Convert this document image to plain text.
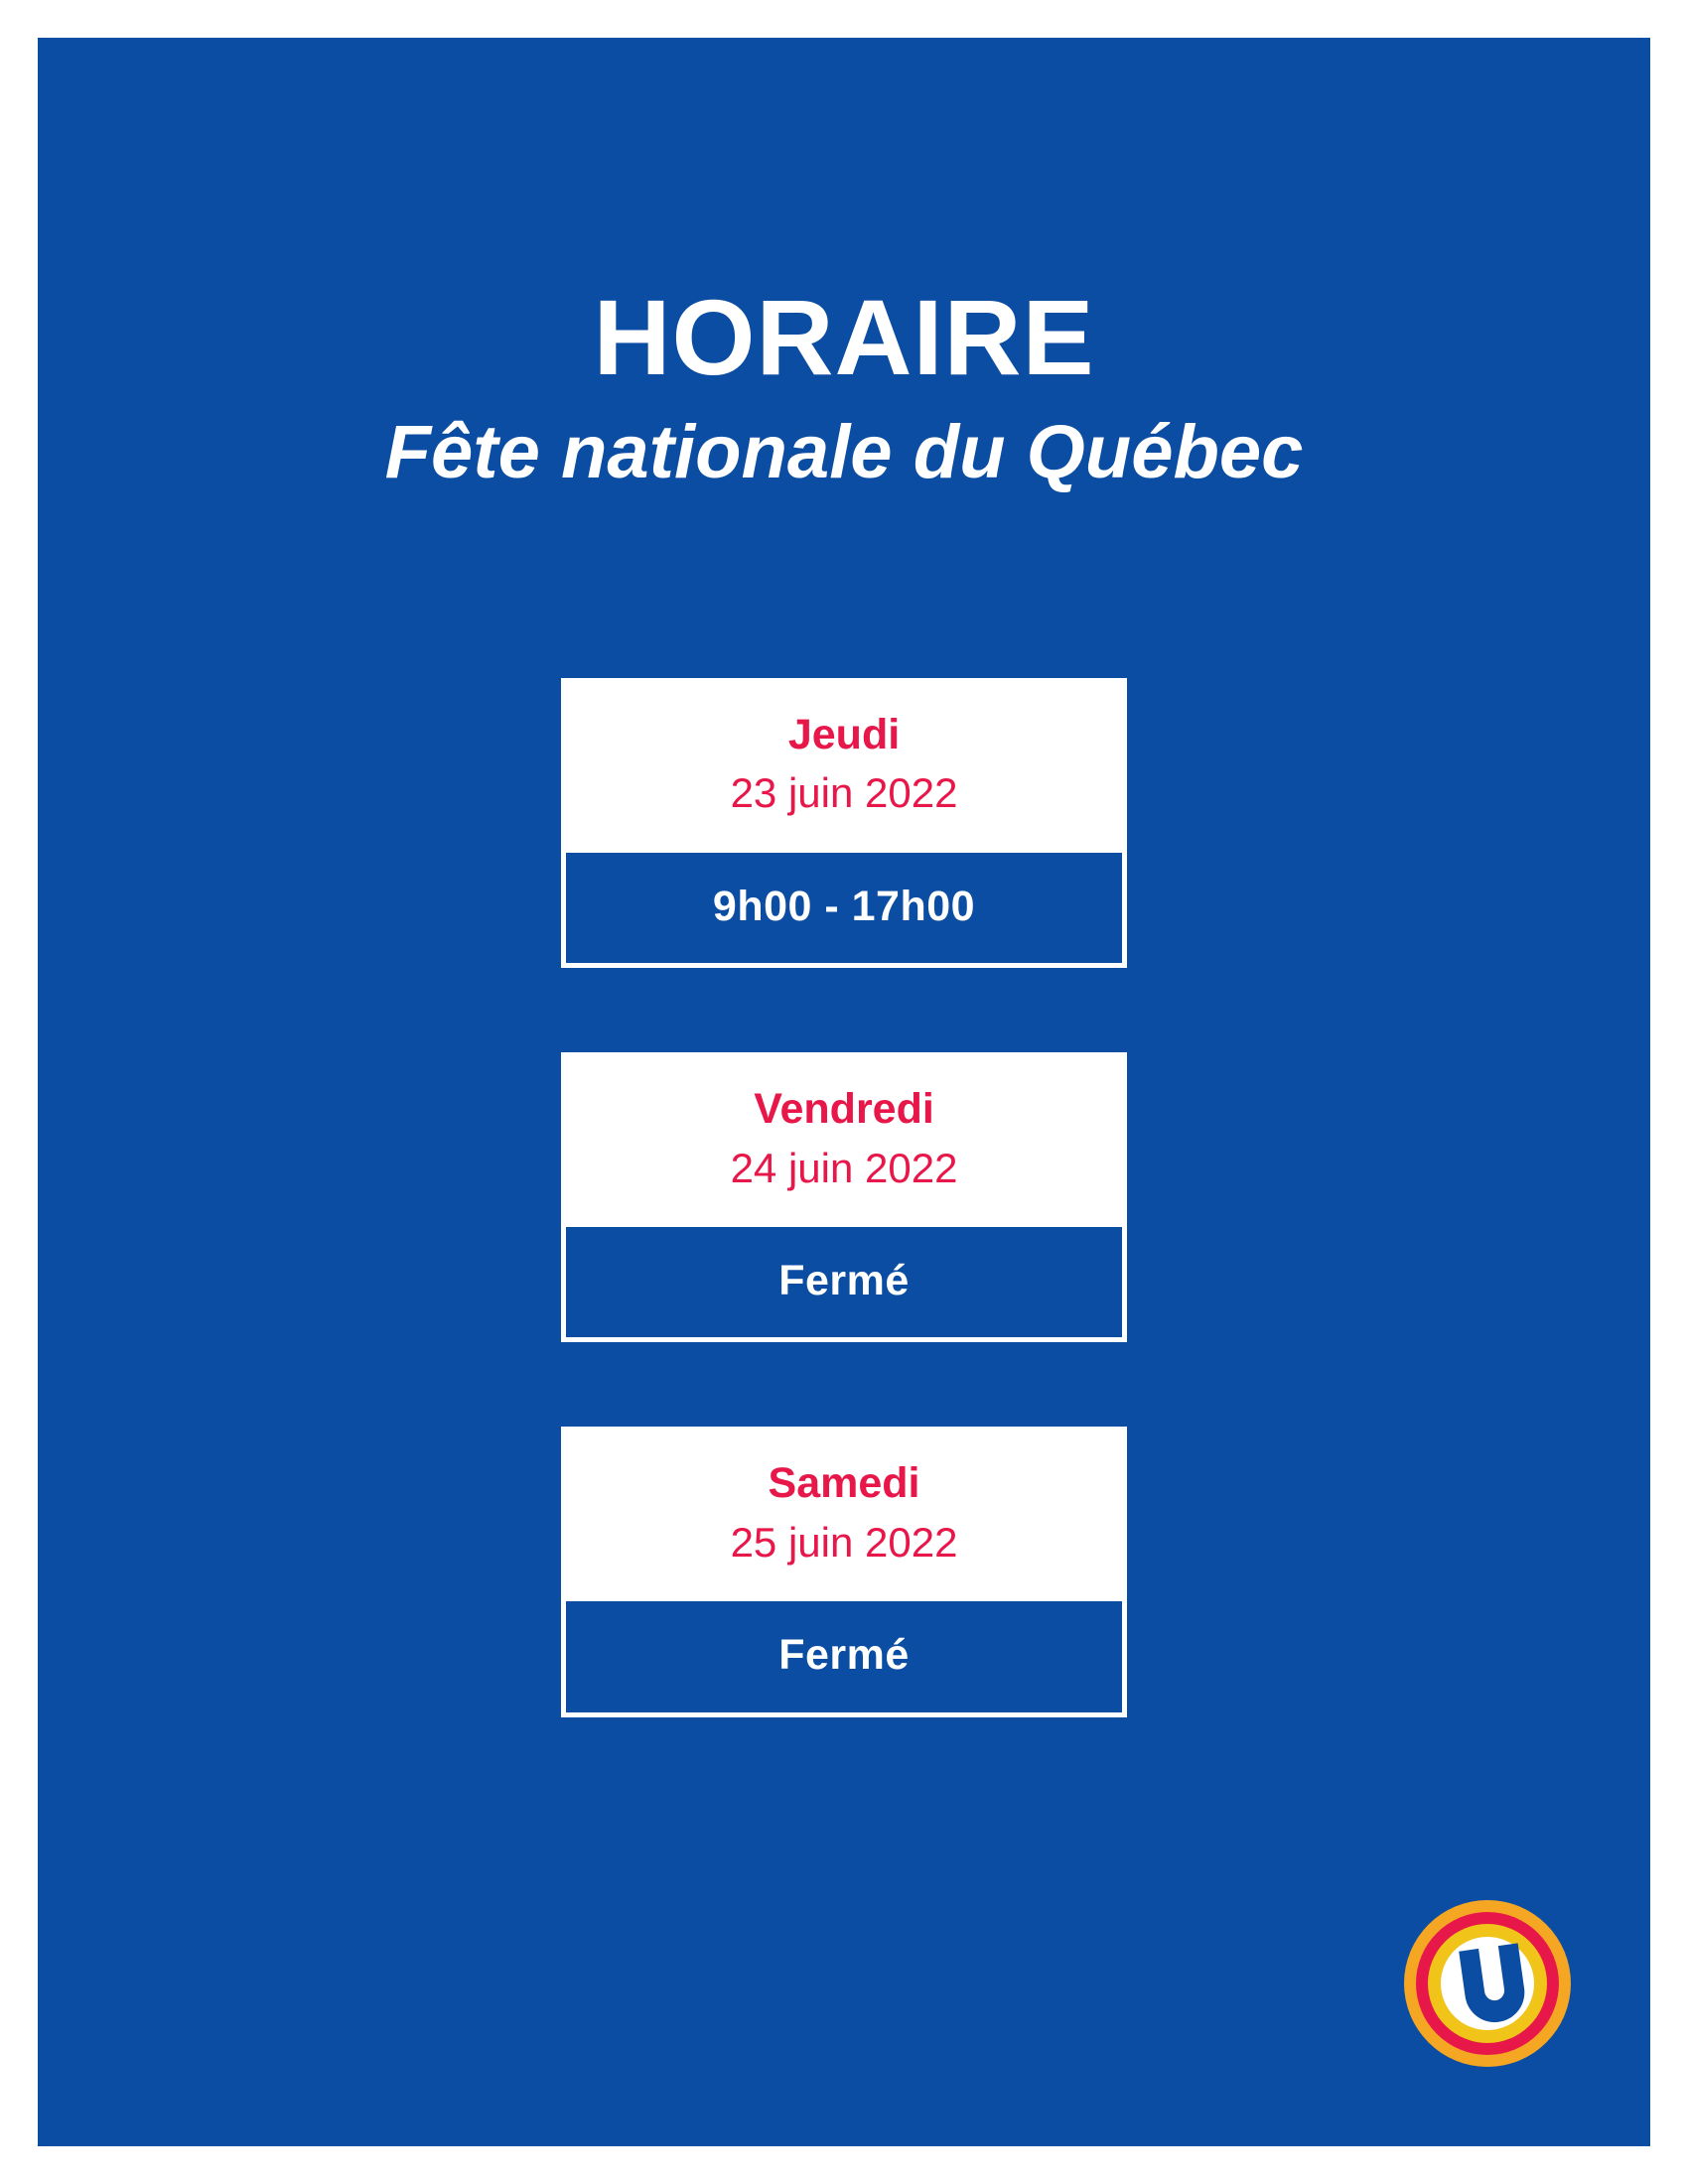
HORAIRE
Fête nationale du Québec
Jeudi
23 juin 2022
9h00 - 17h00
Vendredi
24 juin 2022
Fermé
Samedi
25 juin 2022
Fermé
